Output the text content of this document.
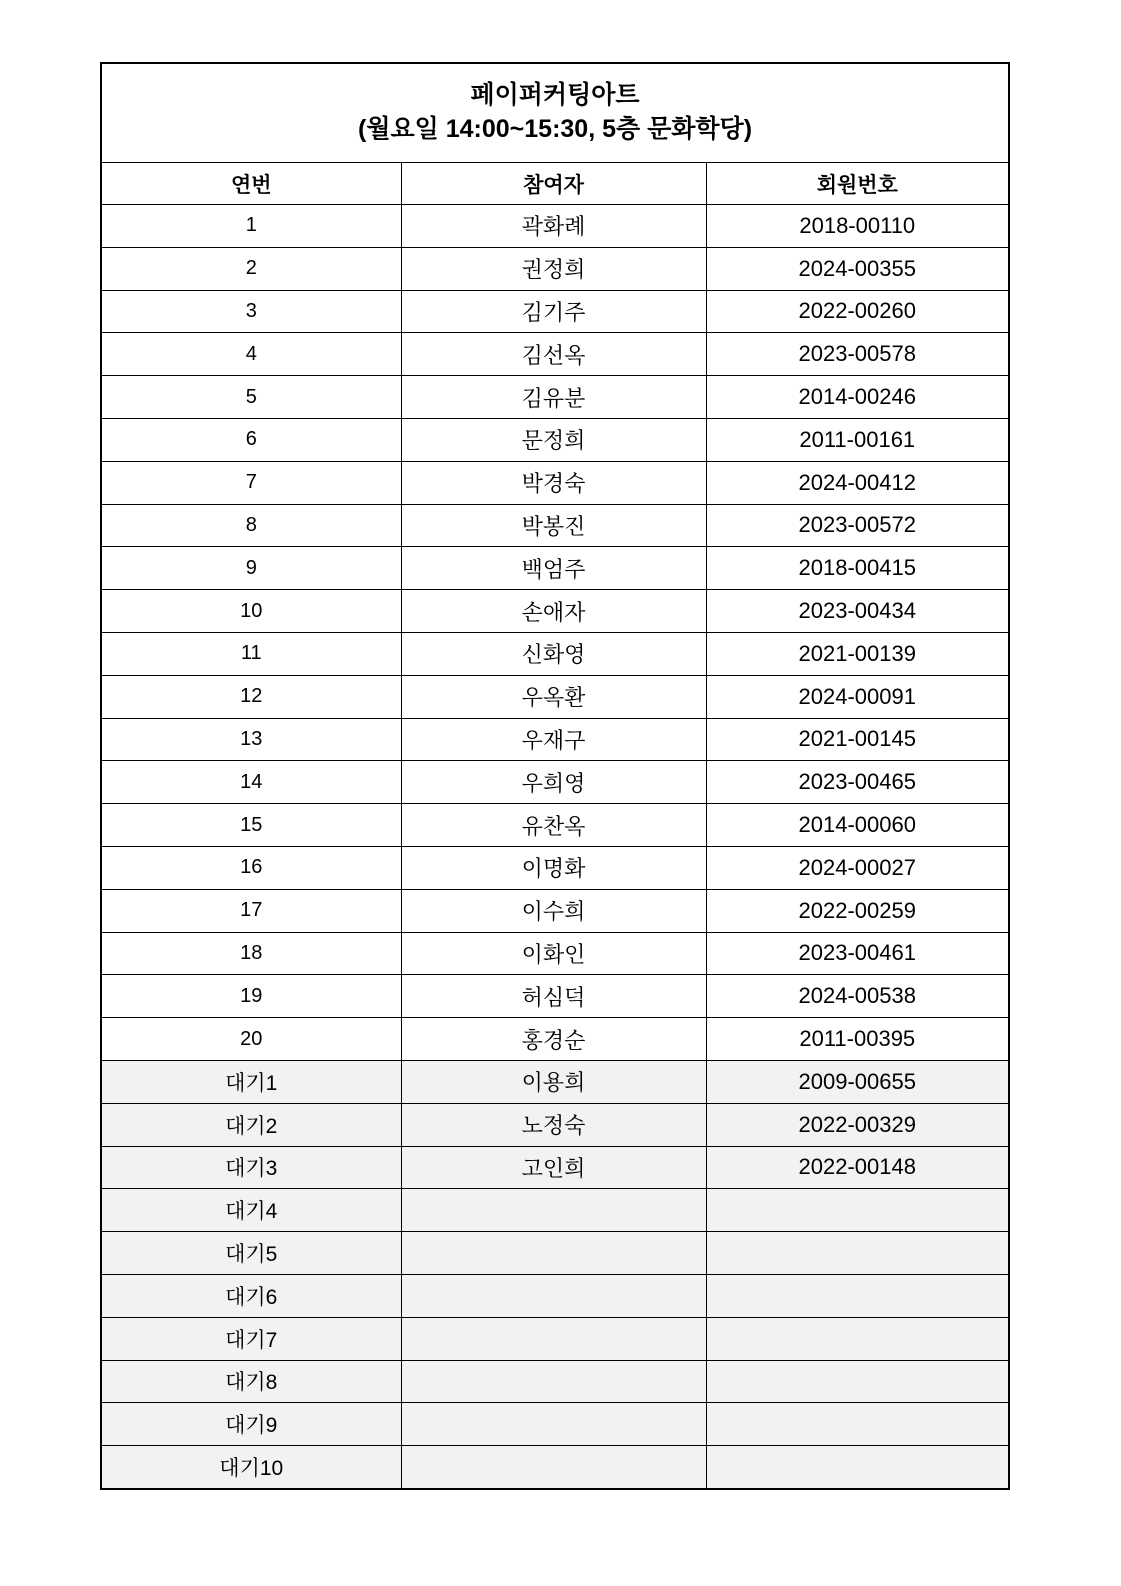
페이퍼커팅아트
(월요일 14:00~15:30, 5층 문화학당)		

연번	참여자	회원번호
1	곽화례	2018-00110
2	권정희	2024-00355
3	김기주	2022-00260
4	김선옥	2023-00578
5	김유분	2014-00246
6	문정희	2011-00161
7	박경숙	2024-00412
8	박봉진	2023-00572
9	백엄주	2018-00415
10	손애자	2023-00434
11	신화영	2021-00139
12	우옥환	2024-00091
13	우재구	2021-00145
14	우희영	2023-00465
15	유찬옥	2014-00060
16	이명화	2024-00027
17	이수희	2022-00259
18	이화인	2023-00461
19	허심덕	2024-00538
20	홍경순	2011-00395
대기1	이용희	2009-00655
대기2	노정숙	2022-00329
대기3	고인희	2022-00148
대기4		
대기5		
대기6		
대기7		
대기8		
대기9		
대기10		
